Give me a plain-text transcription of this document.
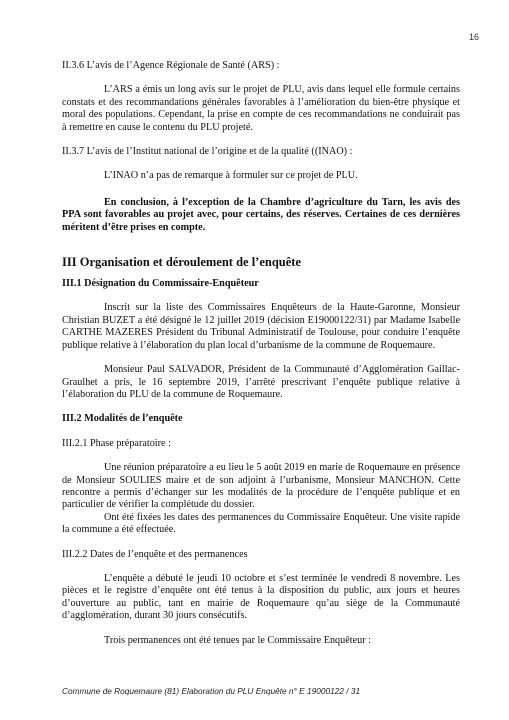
16

II.3.6 L’avis de l’Agence Régionale de Santé (ARS) :

L’ARS a émis un long avis sur le projet de PLU, avis dans lequel elle formule certains constats et des recommandations générales favorables à l’amélioration du bien-être physique et moral des populations. Cependant, la prise en compte de ces recommandations ne conduirait pas à remettre en cause le contenu du PLU projeté.

II.3.7 L’avis de l’Institut national de l’origine et de la qualité ((INAO) :

L’INAO n’a pas de remarque à formuler sur ce projet de PLU.

En conclusion, à l’exception de la Chambre d’agriculture du Tarn, les avis des PPA sont favorables au projet avec, pour certains, des réserves. Certaines de ces dernières méritent d’être prises en compte.

III Organisation et déroulement de l’enquête

III.1 Désignation du Commissaire-Enquêteur

Inscrit sur la liste des Commissaires Enquêteurs de la Haute-Garonne, Monsieur Christian BUZET a été désigné le 12 juillet 2019 (décision E19000122/31) par Madame Isabelle CARTHE MAZERES Président du Tribunal Administratif de Toulouse, pour conduire l’enquête publique relative à l’élaboration du plan local d’urbanisme de la commune de Roquemaure.

Monsieur Paul SALVADOR, Président de la Communauté d’Agglomération Gaillac-Graulhet a pris, le 16 septembre 2019, l’arrêté prescrivant l’enquête publique relative à l’élaboration du PLU de la commune de Roquemaure.

III.2 Modalités de l’enquête

III.2.1 Phase préparatoire :

Une réunion préparatoire a eu lieu le 5 août 2019 en marie de Roquemaure en présence de Monsieur SOULIES maire et de son adjoint à l’urbanisme, Monsieur MANCHON. Cette rencontre a permis d’échanger sur les modalités de la procédure de l’enquête publique et en particulier de vérifier la complétude du dossier.

Ont été fixées les dates des permanences du Commissaire Enquêteur. Une visite rapide la commune a été effectuée.

III.2.2 Dates de l’enquête et des permanences

L’enquête a débuté le jeudi 10 octobre et s’est terminée le vendredi 8 novembre. Les pièces et le registre d’enquête ont été tenus à la disposition du public, aux jours et heures d’ouverture au public, tant en mairie de Roquemaure qu’au siège de la Communauté d’agglomération, durant 30 jours consécutifs.

Trois permanences ont été tenues par le Commissaire Enquêteur :

Commune de Roquemaure (81) Elaboration du PLU Enquête n° E 19000122 / 31
